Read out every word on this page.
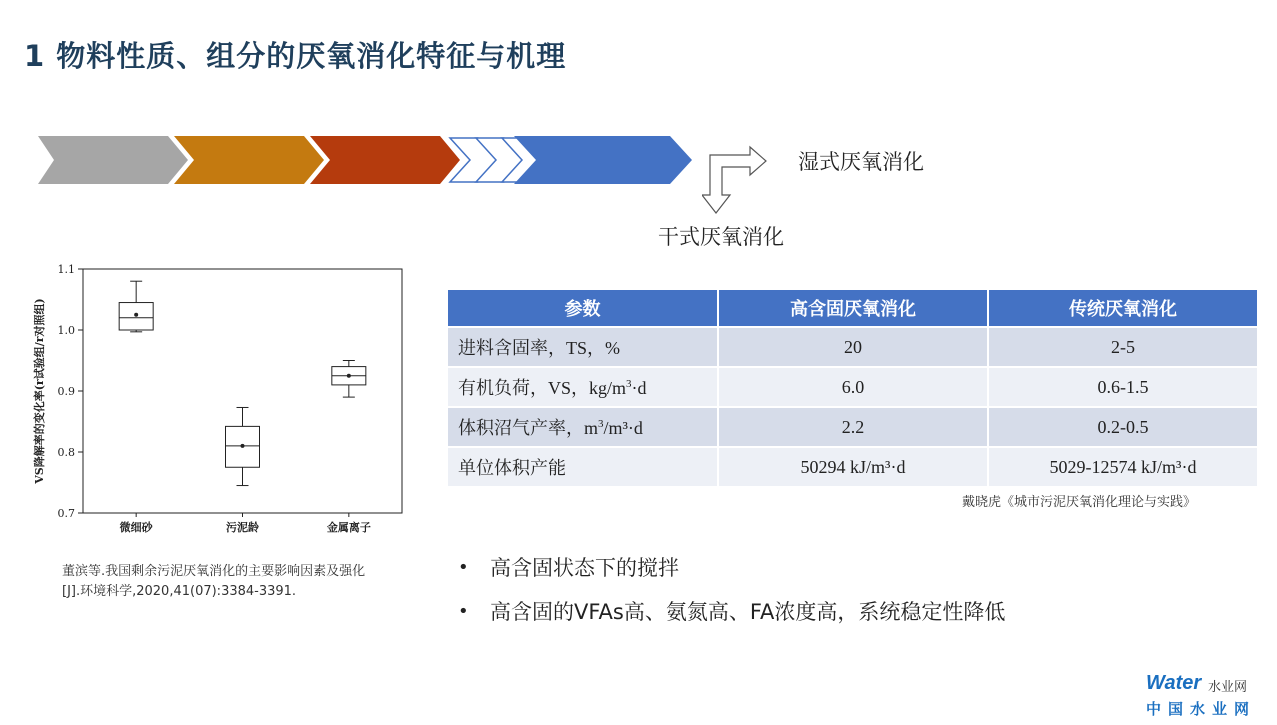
1 物料性质、组分的厌氧消化特征与机理
污泥龄	含砂量	金属离子	污泥含水率
湿式厌氧消化
干式厌氧消化
0.7
0.8
0.9
1.0
1.1
VS降解率的变化率(r试验组/r对照组)
微细砂	污泥龄	金属离子
董滨等.我国剩余污泥厌氧消化的主要影响因素及强化
[J].环境科学,2020,41(07):3384-3391.
参数	高含固厌氧消化	传统厌氧消化
进料含固率，TS，%	20	2-5
有机负荷，VS，$kg/m^3\cdot d$	6.0	0.6-1.5
体积沼气产率，$m^3/m^3\cdot d$	2.2	0.2-0.5
单位体积产能	50294 kJ/m³·d	5029-12574 kJ/m³·d
戴晓虎《城市污泥厌氧消化理论与实践》
• 高含固状态下的搅拌
• 高含固的VFAs高、氨氮高、FA浓度高，系统稳定性降低
Water 水业网
中国水业网
